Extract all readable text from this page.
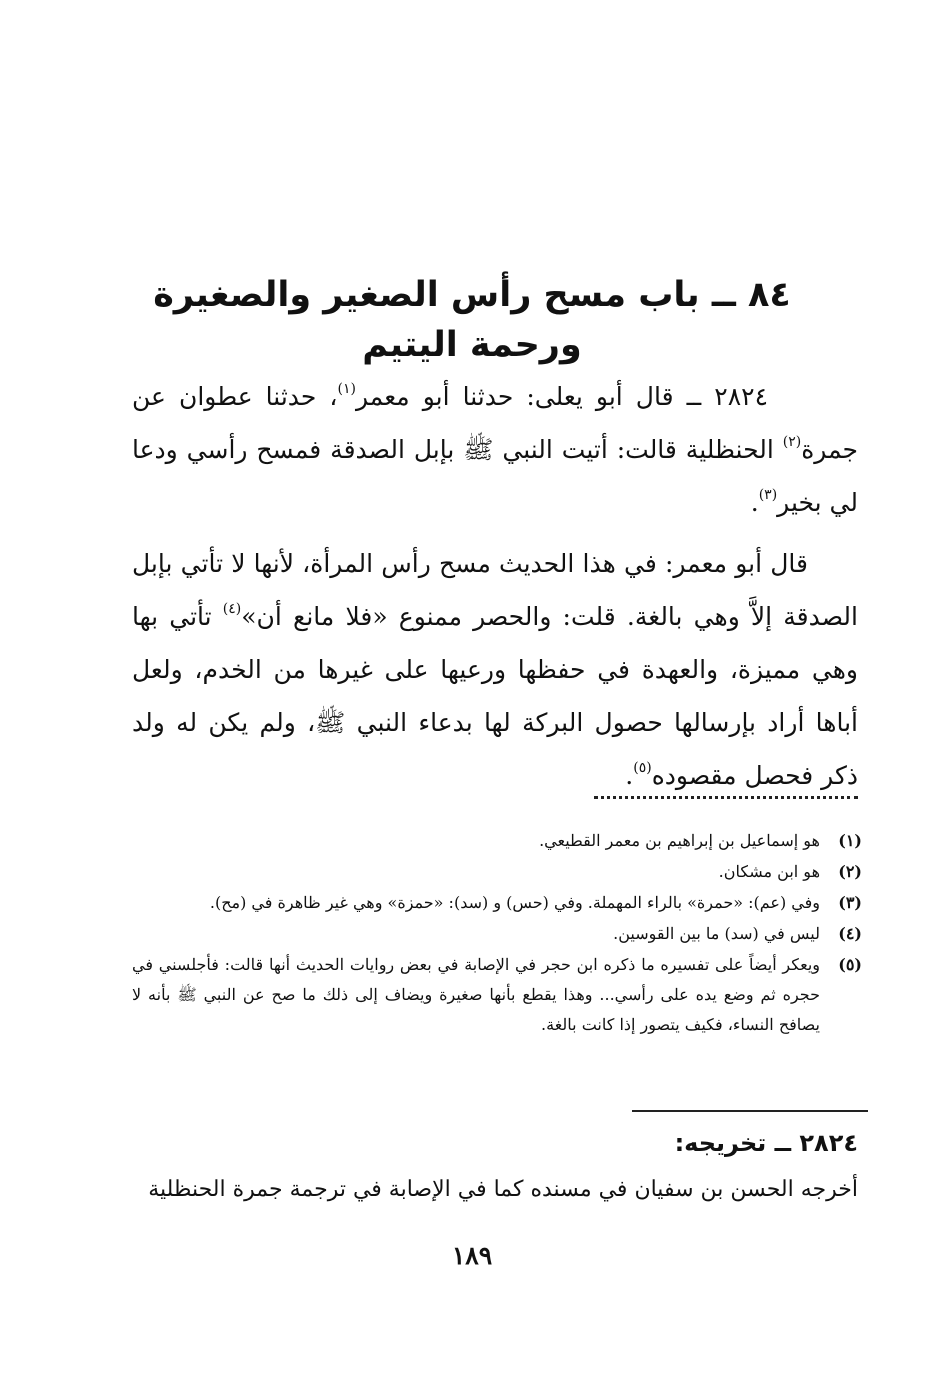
٨٤ ــ باب مسح رأس الصغير والصغيرة ورحمة اليتيم

٢٨٢٤ ــ قال أبو يعلى: حدثنا أبو معمر$^{(١)}$، حدثنا عطوان عن جمرة$^{(٢)}$ الحنظلية قالت: أتيت النبي ﷺ بإبل الصدقة فمسح رأسي ودعا لي بخير$^{(٣)}$.

قال أبو معمر: في هذا الحديث مسح رأس المرأة، لأنها لا تأتي بإبل الصدقة إلاَّ وهي بالغة. قلت: والحصر ممنوع «فلا مانع أن»$^{(٤)}$ تأتي بها وهي مميزة، والعهدة في حفظها ورعيها على غيرها من الخدم، ولعل أباها أراد بإرسالها حصول البركة لها بدعاء النبي ﷺ، ولم يكن له ولد ذكر فحصل مقصوده$^{(٥)}$.

(١)
هو إسماعيل بن إبراهيم بن معمر القطيعي.
(٢)
هو ابن مشكان.
(٣)
وفي (عم): «حمرة» بالراء المهملة. وفي (حس) و (سد): «حمزة» وهي غير ظاهرة في (مح).
(٤)
ليس في (سد) ما بين القوسين.
(٥)
ويعكر أيضاً على تفسيره ما ذكره ابن حجر في الإصابة في بعض روايات الحديث أنها قالت: فأجلسني في حجره ثم وضع يده على رأسي... وهذا يقطع بأنها صغيرة ويضاف إلى ذلك ما صح عن النبي ﷺ بأنه لا يصافح النساء، فكيف يتصور إذا كانت بالغة.
٢٨٢٤ ــ تخريجه:

أخرجه الحسن بن سفيان في مسنده كما في الإصابة في ترجمة جمرة الحنظلية

١٨٩
